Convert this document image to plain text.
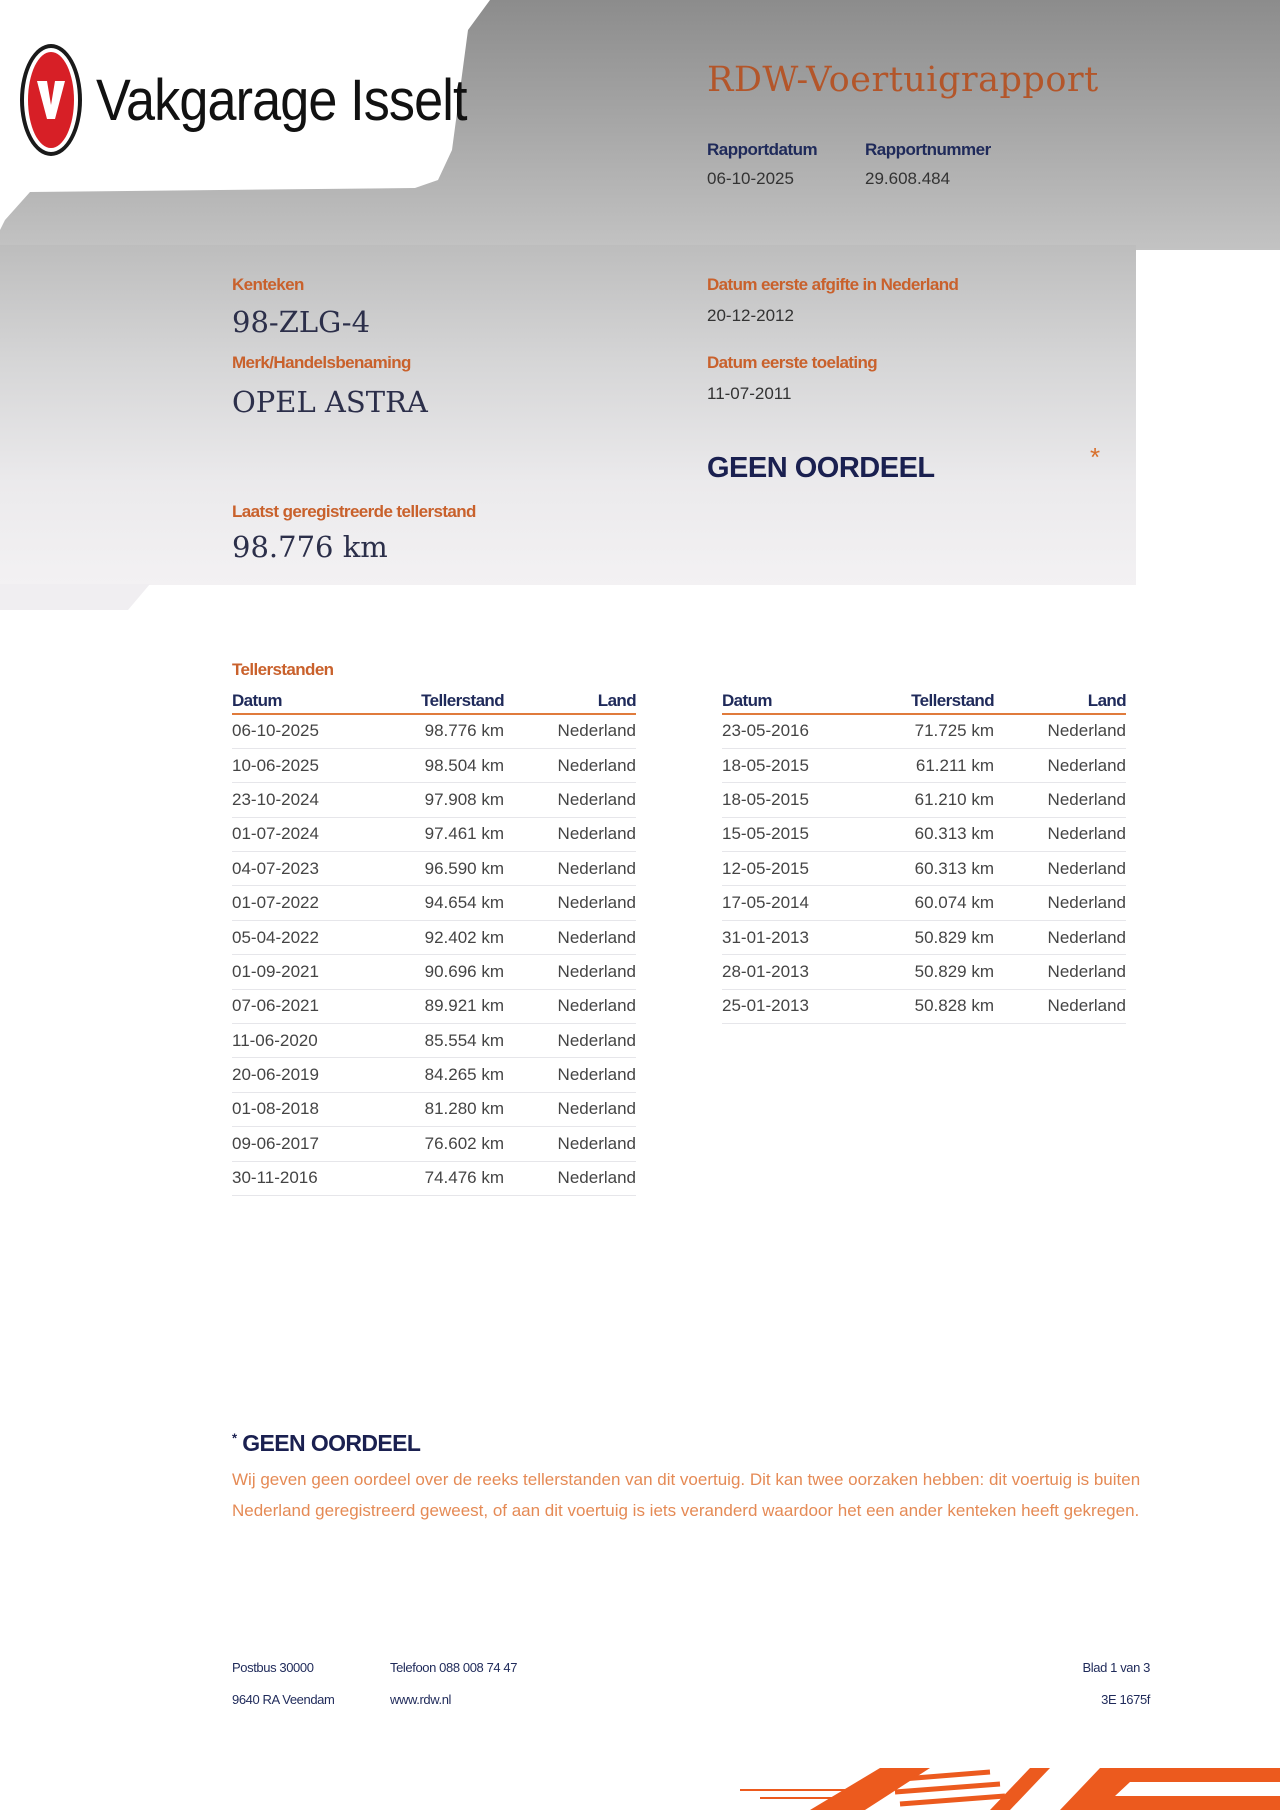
Vakgarage Isselt	RDW-Voertuigrapport
Rapportdatum
06-10-2025
Rapportnummer
29.608.484
Kenteken
98-ZLG-4
Merk/Handelsbenaming
OPEL ASTRA
Laatst geregistreerde tellerstand
98.776 km
Datum eerste afgifte in Nederland
20-12-2012
Datum eerste toelating
11-07-2011
GEEN OORDEEL	*
Tellerstanden
Datum	Tellerstand	Land
06-10-2025	98.776 km	Nederland
10-06-2025	98.504 km	Nederland
23-10-2024	97.908 km	Nederland
01-07-2024	97.461 km	Nederland
04-07-2023	96.590 km	Nederland
01-07-2022	94.654 km	Nederland
05-04-2022	92.402 km	Nederland
01-09-2021	90.696 km	Nederland
07-06-2021	89.921 km	Nederland
11-06-2020	85.554 km	Nederland
20-06-2019	84.265 km	Nederland
01-08-2018	81.280 km	Nederland
09-06-2017	76.602 km	Nederland
30-11-2016	74.476 km	Nederland
Datum	Tellerstand	Land
23-05-2016	71.725 km	Nederland
18-05-2015	61.211 km	Nederland
18-05-2015	61.210 km	Nederland
15-05-2015	60.313 km	Nederland
12-05-2015	60.313 km	Nederland
17-05-2014	60.074 km	Nederland
31-01-2013	50.829 km	Nederland
28-01-2013	50.829 km	Nederland
25-01-2013	50.828 km	Nederland
* GEEN OORDEEL
Wij geven geen oordeel over de reeks tellerstanden van dit voertuig. Dit kan twee oorzaken hebben: dit voertuig is buiten Nederland geregistreerd geweest, of aan dit voertuig is iets veranderd waardoor het een ander kenteken heeft gekregen.
Postbus 30000
9640 RA Veendam
Telefoon 088 008 74 47
www.rdw.nl
Blad 1 van 3
3E 1675f
